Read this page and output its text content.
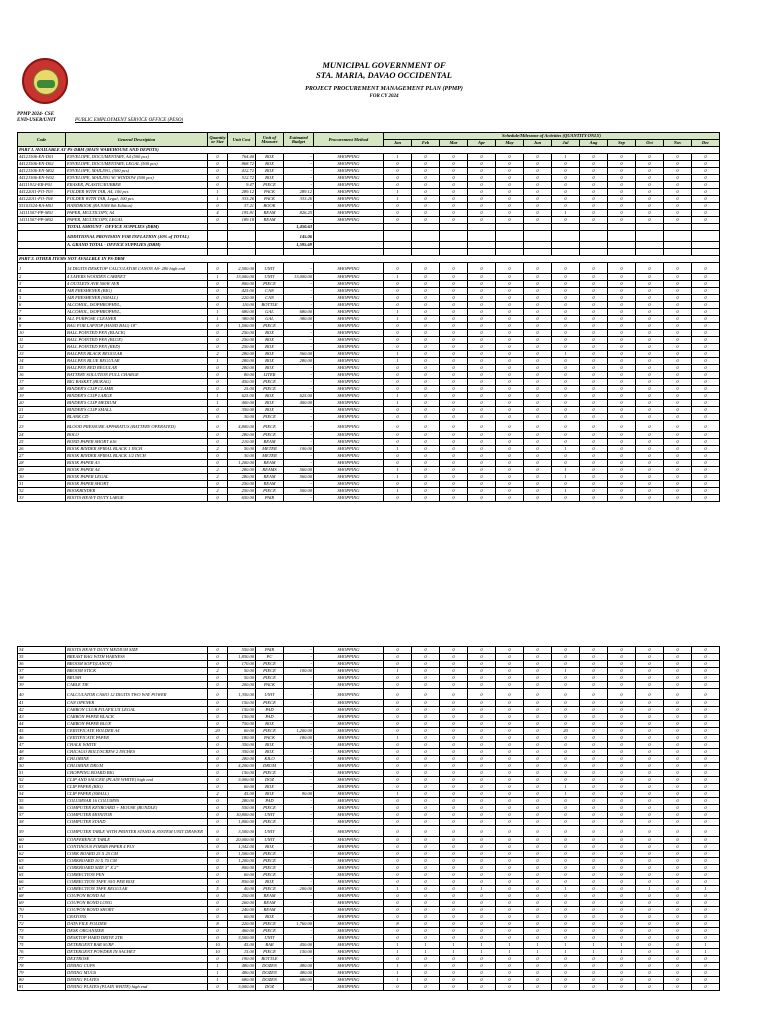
MUNICIPAL GOVERNMENT OF
STA. MARIA, DAVAO OCCIDENTAL
PROJECT PROCUREMENT MANAGEMENT PLAN (PPMP)
FOR CY 2024
PPMP 2024- CSE
END-USER/UNIT	PUBLIC EMPLOYMENT SERVICE OFFICE (PESO)
Code	General Description	Quantity or Size	Unit Cost	Unit of Measure	Estimated Budget	Procurement Method	Schedule/Milestone of Activities (QUANTITY ONLY)											
							Jan	Feb	Mar	Apr	May	Jun	Jul	Aug	Sep	Oct	Nov	Dec
PART I. AVAILABLE AT PS-DBM (MAIN WAREHOUSE AND DEPOTS)																		
44121506-EN-D01	ENVELOPE, DOCUMENTARY, A4 (500 pcs)	0	764.40	BOX	-	SHOPPING	1	0	0	0	0	0	1	0	0	0	0	0
44121506-EN-D02	ENVELOPE, DOCUMENTARY, LEGAL (500 pcs)	0	868.72	BOX	-	SHOPPING	0	0	0	0	0	0	0	0	0	0	0	0
44121506-EN-M02	ENVELOPE, MAILING, (500 pcs)	0	412.72	BOX	-	SHOPPING	0	0	0	0	0	0	0	0	0	0	0	0
44121506-EN-W02	ENVELOPE, MAILING W/ WINDOW (500 pcs)	0	512.72	BOX	-	SHOPPING	0	0	0	0	0	0	0	0	0	0	0	0
44111912-ER-P01	ERASER, PLASTIC/RUBBER	0	9.47	PIECE	-	SHOPPING	0	0	0	0	0	0	0	0	0	0	0	0
44122011-FO-T03	FOLDER WITH TAB, A4, 100 pcs	1	289.12	PACK	289.12	SHOPPING	1	0	0	0	0	0	0	0	0	0	0	0
44122011-FO-T04	FOLDER WITH TAB, Legal, 100 pcs	1	333.26	PACK	333.26	SHOPPING	1	0	0	0	0	0	0	0	0	0	0	0
55101524-RA-H01	HANDBOOK (RA 9184 8th Edition)	0	37.21	BOOK	-	SHOPPING	0	0	0	0	0	0	0	0	0	0	0	0
14111507-PP-M01	PAPER, MULTICOPY, A4	4	195.81	REAM	826.25	SHOPPING	0	0	0	0	0	0	1	0	0	0	0	0
14111507-PP-M02	PAPER, MULTICOPY, LEGAL	0	189.18	REAM	-	SHOPPING	0	0	0	0	0	0	0	0	0	0	0	0
	TOTAL AMOUNT - OFFICE SUPPLIES (DBM)				1,450.63													
	ADDITIONAL PROVISION FOR INFLATION (10% of TOTAL)				145.06													
	A. GRAND TOTAL - OFFICE SUPPLIES (DBM)				1,595.69													

PART 2. OTHER ITEMS NOT AVALLBLE IN PS-DBM																		
1	14 DIGITS DESKTOP CALCULATOR CANON AS- 280 high end	0	2,500.00	UNIT	-	SHOPPING	0	0	0	0	0	0	0	0	0	0	0	0
2	4 LAYERS WOODEN CABINET	1	13,000.00	UNIT	13,000.00	SHOPPING	1	0	0	0	0	0	0	0	0	0	0	0
3	4 OUTLETS AVR 500W AVR	0	800.00	PIECE	-	SHOPPING	0	0	0	0	0	0	0	0	0	0	0	0
4	AIR FRESHENER (BIG)	0	425.00	CAN	-	SHOPPING	0	0	0	0	0	0	0	0	0	0	0	0
5	AIR FRESHENER (SMALL)	0	220.00	CAN	-	SHOPPING	0	0	0	0	0	0	0	0	0	0	0	0
6	ALCOHOL, ISOPHROPHYL,	0	110.00	BOTTLE	-	SHOPPING	0	0	0	0	0	0	0	0	0	0	0	0
7	ALCOHOL, ISOPHROPHYL,	1	680.00	GAL	680.00	SHOPPING	1	0	0	0	0	0	0	0	0	0	0	0
8	ALL PURPOSE CLEANER	1	380.00	GAL	380.00	SHOPPING	1	0	0	0	0	0	0	0	0	0	0	0
9	BAG FOR LAPTOP (HAND BAG) 18"	0	1,500.00	PIECE	-	SHOPPING	0	0	0	0	0	0	0	0	0	0	0	0
10	BALL POINTED PEN (BLACK)	0	250.00	BOX	-	SHOPPING	0	0	0	0	0	0	0	0	0	0	0	0
11	BALL POINTED PEN (BLUE)	0	250.00	BOX	-	SHOPPING	0	0	0	0	0	0	0	0	0	0	0	0
12	BALL POINTED PEN (RED)	0	250.00	BOX	-	SHOPPING	0	0	0	0	0	0	0	0	0	0	0	0
13	BALLPEN BLACK REGULAR	2	280.00	BOX	560.00	SHOPPING	1	0	0	0	0	0	1	0	0	0	0	0
14	BALLPEN BLUE REGULAR	1	280.00	BOX	280.00	SHOPPING	1	0	0	0	0	0	0	0	0	0	0	0
15	BALLPEN RED REGULAR	0	280.00	BOX	-	SHOPPING	0	0	0	0	0	0	0	0	0	0	0	0
16	BATTERY SOLUTION FULL CHARGE	0	80.00	LITER	-	SHOPPING	0	0	0	0	0	0	0	0	0	0	0	0
17	BIG BASKET (BUKAG)	0	450.00	PIECE	-	SHOPPING	0	0	0	0	0	0	0	0	0	0	0	0
18	BINDER'S CLIP CLAMB	0	25.00	PIECE	-	SHOPPING	0	0	0	0	0	0	0	0	0	0	0	0
19	BINDER'S CLIP LARGE	1	625.00	BOX	625.00	SHOPPING	1	0	0	0	0	0	0	0	0	0	0	0
20	BINDER'S CLIP MEDIUM	1	400.00	BOX	400.00	SHOPPING	1	0	0	0	0	0	0	0	0	0	0	0
21	BINDER'S CLIP SMALL	0	350.00	BOX	-	SHOPPING	0	0	0	0	0	0	0	0	0	0	0	0
22	BLANK CD	0	30.00	PIECE	-	SHOPPING	0	0	0	0	0	0	0	0	0	0	0	0
23	BLOOD PRESSURE APPARATUS (BATTERY OPERATED)	0	4,800.00	PIECE	-	SHOPPING	0	0	0	0	0	0	0	0	0	0	0	0
24	BOLO	0	280.00	PIECE	-	SHOPPING	0	0	0	0	0	0	0	0	0	0	0	0
25	BOND PAPER SHORT #16	0	210.00	REAM	-	SHOPPING	0	0	0	0	0	0	0	0	0	0	0	0
26	BOOK BINDER SPIRAL BLACK 1 INCH	2	50.00	METER	100.00	SHOPPING	1	0	0	0	0	0	1	0	0	0	0	0
27	BOOK BINDER SPIRAL BLACK 1/2 INCH	0	30.00	METER	-	SHOPPING	0	0	0	0	0	0	0	0	0	0	0	0
28	BOOK PAPER A3	0	1,200.00	REAM	-	SHOPPING	0	0	0	0	0	0	0	0	0	0	0	0
29	BOOK PAPER A4	2	280.00	REAMS	560.00	SHOPPING	1	0	0	0	0	0	1	0	0	0	0	0
30	BOOK PAPER LEGAL	2	280.00	REAM	560.00	SHOPPING	1	0	0	0	0	0	1	0	0	0	0	0
31	BOOK PAPER SHORT	0	250.00	REAM	-	SHOPPING	0	0	0	0	0	0	0	0	0	0	0	0
32	BOOKBINDER	2	250.00	PIECE	500.00	SHOPPING	1	0	0	0	0	0	1	0	0	0	0	0
33	BOOTS HEAVY DUTY LARGE	0	650.00	PAIR	-	SHOPPING	0	0	0	0	0	0	0	0	0	0	0	0
34	BOOTS HEAVY DUTY MEDIUM SIZE	0	550.00	PAIR	-	SHOPPING	0	0	0	0	0	0	0	0	0	0	0	0
35	BREAST BAG WITH HARNESS	0	1,850.00	PC	-	SHOPPING	0	0	0	0	0	0	0	0	0	0	0	0
36	BROOM SOFT(LANOT)	0	170.00	PIECE	-	SHOPPING	0	0	0	0	0	0	0	0	0	0	0	0
37	BROOM STICK	2	50.00	PIECE	100.00	SHOPPING	1	0	0	0	0	0	1	0	0	0	0	0
38	BRUSH	0	50.00	PIECE	-	SHOPPING	0	0	0	0	0	0	0	0	0	0	0	0
39	CABLE TIE	0	200.00	PACK	-	SHOPPING	0	0	0	0	0	0	0	0	0	0	0	0
40	CALCULATOR CASIO 12 DIGITS TWO WAY POWER	0	1,350.00	UNIT	-	SHOPPING	0	0	0	0	0	0	0	0	0	0	0	0
41	CAN OPENER	0	150.00	PIECE	-	SHOPPING	0	0	0	0	0	0	0	0	0	0	0	0
42	CARBON CLUB FILAFILUX LEGAL	0	150.00	PAD	-	SHOPPING	0	0	0	0	0	0	0	0	0	0	0	0
43	CARBON PAPER BLACK	0	150.00	PAD	-	SHOPPING	0	0	0	0	0	0	0	0	0	0	0	0
44	CARBON PAPER BLUE	0	750.00	BOX	-	SHOPPING	0	0	0	0	0	0	0	0	0	0	0	0
45	CERTIFICATE HOLDER A4	20	60.00	PIECE	1,200.00	SHOPPING	0	0	0	0	0	0	20	0	0	0	0	0
46	CERTIFICATE PAPER	0	180.00	PACK	180.00	SHOPPING	1	0	0	0	0	0	0	0	0	0	0	0
47	CHALK WHITE	0	350.00	BOX	-	SHOPPING	0	0	0	0	0	0	0	0	0	0	0	0
48	CHICAGO BOLT/SCREW 2 INCHES	0	350.00	BOX	-	SHOPPING	0	0	0	0	0	0	0	0	0	0	0	0
49	CHLORINE	0	280.00	KILO	-	SHOPPING	0	0	0	0	0	0	0	0	0	0	0	0
50	CHLORINE DRUM	0	4,200.00	DRUM	-	SHOPPING	0	0	0	0	0	0	0	0	0	0	0	0
51	CHOPPING BOARD BIG	0	150.00	PIECE	-	SHOPPING	0	0	0	0	0	0	0	0	0	0	0	0
52	CLIP AND SAUCER (PLAIN WHITE) high end	0	3,000.00	DOZ	-	SHOPPING	0	0	0	0	0	0	0	0	0	0	0	0
53	CLIP PAPER (BIG)	0	60.00	BOX	-	SHOPPING	0	0	0	0	0	0	1	0	0	0	0	0
54	CLIP PAPER (SMALL)	2	45.00	BOX	90.00	SHOPPING	1	0	0	0	0	0	1	0	0	0	0	0
55	COLUMNAR 16 COLUMNS	0	280.00	PAD	-	SHOPPING	0	0	0	0	0	0	0	0	0	0	0	0
56	COMPUTER KEYBOARD + MOUSE (BUNDLE)	0	550.00	PIECE	-	SHOPPING	0	0	0	0	0	0	0	0	0	0	0	0
57	COMPUTER MONITOR	0	10,800.00	UNIT	-	SHOPPING	0	0	0	0	0	0	0	0	0	0	0	0
58	COMPUTER STAND	0	1,800.00	PIECE	-	SHOPPING	0	0	0	0	0	0	0	0	0	0	0	0
59	COMPUTER TABLE WITH PRINTER STAND & SYSTEM UNIT DRAWER	0	3,500.00	UNIT	-	SHOPPING	0	0	0	0	0	0	0	0	0	0	0	0
60	CONFERENCE TABLE	0	20,000.00	UNIT	-	SHOPPING	0	0	0	0	0	0	0	0	0	0	0	0
61	CONTINOUS FORMS PAPER 4 PLY	0	1,342.00	BOX	-	SHOPPING	0	0	0	0	0	0	0	0	0	0	0	0
62	CORK BOARD 25 X 25 CM	0	1,500.00	PIECE	-	SHOPPING	0	0	0	0	0	0	0	0	0	0	0	0
63	CORKBOARD 10 X 70 CM	0	1,200.00	PIECE	-	SHOPPING	0	0	0	0	0	0	0	0	0	0	0	0
64	CORKBOARD SIZE 3" X 2"	0	800.00	PIECE	-	SHOPPING	0	0	0	0	0	0	0	0	0	0	0	0
65	CORRECTION PEN	0	60.00	PIECE	-	SHOPPING	0	0	0	0	0	0	0	0	0	0	0	0
66	CORRECTION TAPE 30/5 PER BOX	0	850.00	BOX	-	SHOPPING	0	0	0	0	0	0	0	0	0	0	0	0
67	CORRECTION TAPE REGULAR	5	40.00	PIECE	200.00	SHOPPING	1	0	0	1	0	0	1	0	0	1	0	1
68	COUPON BOND A4	0	250.00	REAM	-	SHOPPING	0	0	0	0	0	0	0	0	0	0	0	0
69	COUPON BOND LONG	0	260.00	REAM	-	SHOPPING	0	0	0	0	0	0	0	0	0	0	0	0
70	COUPON BOND SHORT	0	240.00	REAM	-	SHOPPING	0	0	0	0	0	0	0	0	0	0	0	0
71	CRAYONS	0	60.00	BOX	-	SHOPPING	0	0	0	0	0	0	0	0	0	0	0	0
72	DATA FILE FOLDER	8	220.00	PIECE	1,760.00	SHOPPING	8	0	0	0	0	0	0	0	0	0	0	0
73	DESK ORGANIZER	0	460.00	PIECE	-	SHOPPING	0	0	0	0	0	0	0	0	0	0	0	0
74	DESKTOP HARD DRIVE 2TB	0	3,500.00	UNIT	-	SHOPPING	0	0	0	0	0	0	0	0	0	0	0	0
75	DETERGENT BAR SURF	10	45.00	BAR	450.00	SHOPPING	1	1	1	1	1	1	1	1	1	0	0	1
76	DETERGENT POWDER IN SACHET	10	15.00	PIECE	150.00	SHOPPING	1	1	1	1	1	1	1	1	1	0	0	1
77	DEXTROSE	0	190.00	BOTTLE	-	SHOPPING	0	0	0	0	0	0	0	0	0	0	0	0
78	DINING CUPS	1	480.00	DOZEN	480.00	SHOPPING	1	0	0	0	0	0	0	0	0	0	0	0
79	DINING MUGS	1	480.00	DOZEN	480.00	SHOPPING	1	0	0	0	0	0	0	0	0	0	0	0
80	DINING PLATES	1	680.00	DOZEN	680.00	SHOPPING	1	0	0	0	0	0	0	0	0	0	0	0
81	DINING PLATES (PLAIN WHITE) high end	0	3,000.00	DOZ	-	SHOPPING	0	0	0	0	0	0	0	0	0	0	0	0
